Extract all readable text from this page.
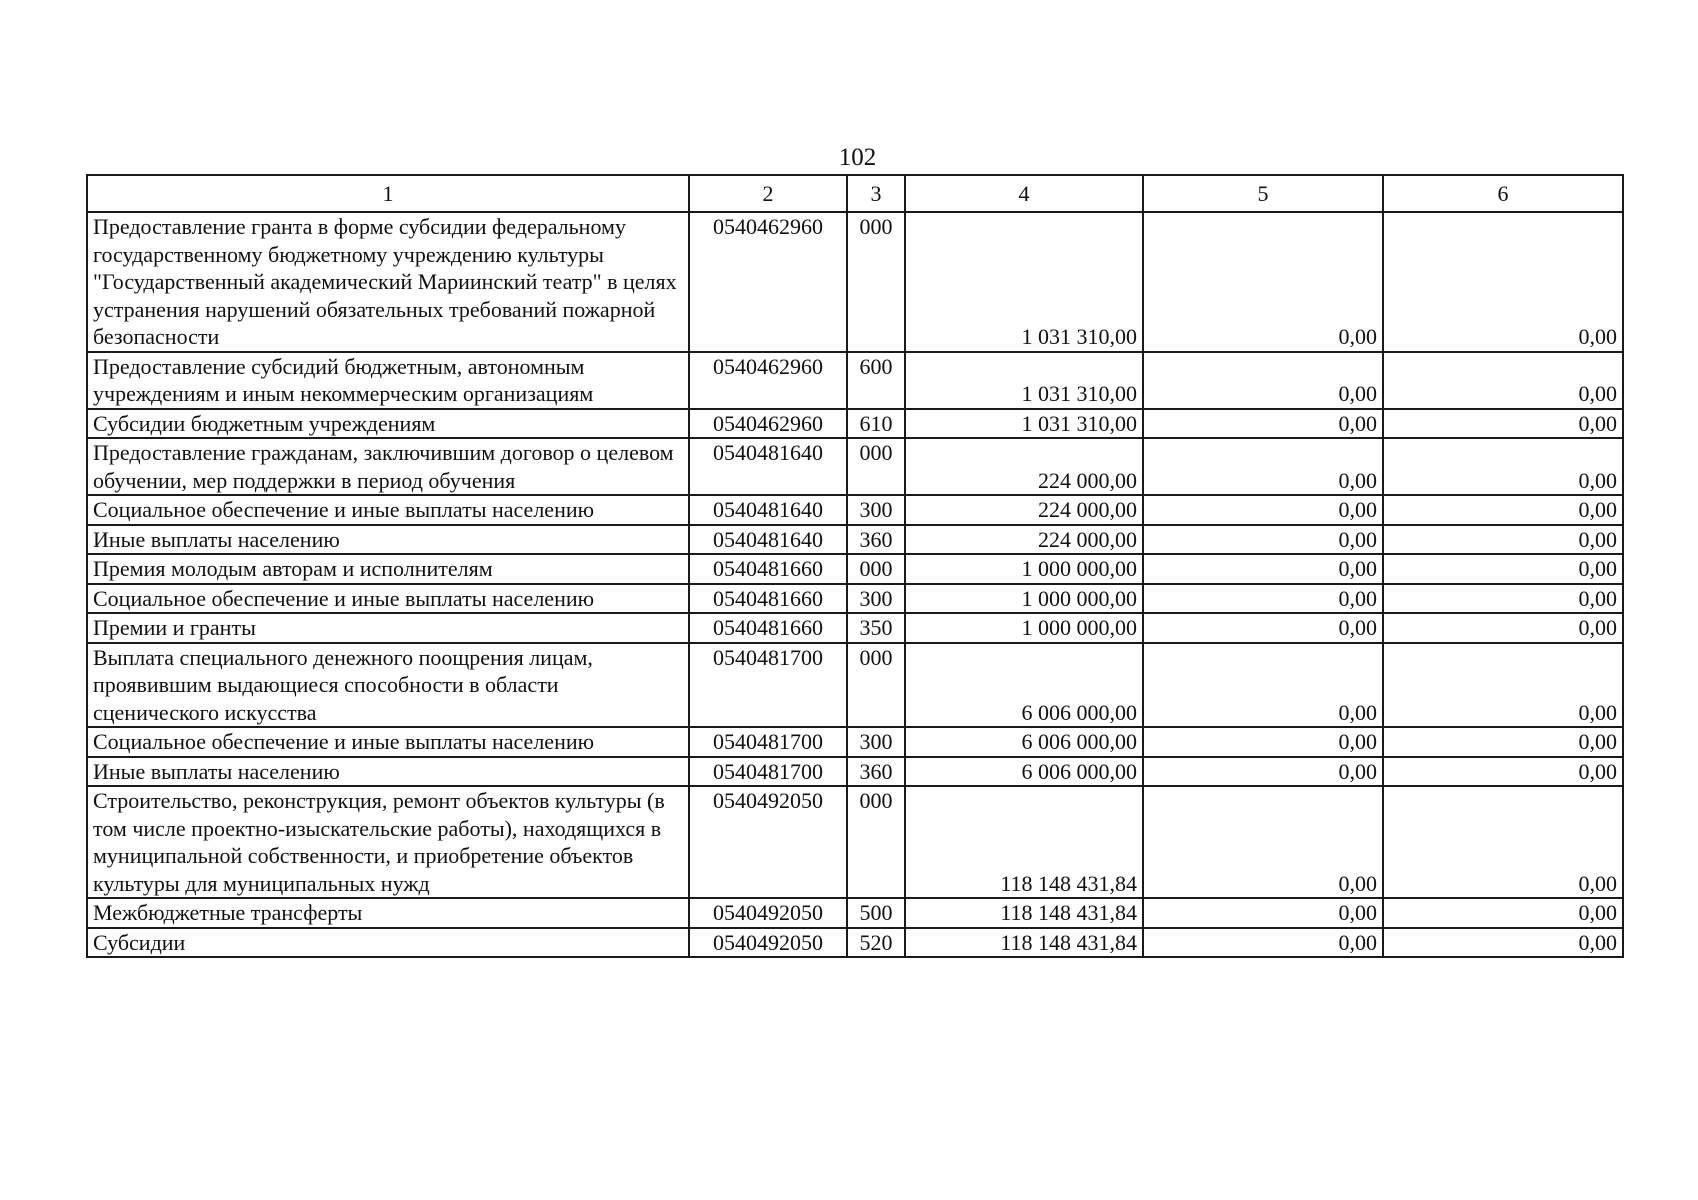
102
1	2	3	4	5	6
Предоставление гранта в форме субсидии федеральному государственному бюджетному учреждению культуры "Государственный академический Мариинский театр" в целях устранения нарушений обязательных требований пожарной безопасности	0540462960	000	1 031 310,00	0,00	0,00
Предоставление субсидий бюджетным, автономным учреждениям и иным некоммерческим организациям	0540462960	600	1 031 310,00	0,00	0,00
Субсидии бюджетным учреждениям	0540462960	610	1 031 310,00	0,00	0,00
Предоставление гражданам, заключившим договор о целевом обучении, мер поддержки в период обучения	0540481640	000	224 000,00	0,00	0,00
Социальное обеспечение и иные выплаты населению	0540481640	300	224 000,00	0,00	0,00
Иные выплаты населению	0540481640	360	224 000,00	0,00	0,00
Премия молодым авторам и исполнителям	0540481660	000	1 000 000,00	0,00	0,00
Социальное обеспечение и иные выплаты населению	0540481660	300	1 000 000,00	0,00	0,00
Премии и гранты	0540481660	350	1 000 000,00	0,00	0,00
Выплата специального денежного поощрения лицам, проявившим выдающиеся способности в области сценического искусства	0540481700	000	6 006 000,00	0,00	0,00
Социальное обеспечение и иные выплаты населению	0540481700	300	6 006 000,00	0,00	0,00
Иные выплаты населению	0540481700	360	6 006 000,00	0,00	0,00
Строительство, реконструкция, ремонт объектов культуры (в том числе проектно-изыскательские работы), находящихся в муниципальной собственности, и приобретение объектов культуры для муниципальных нужд	0540492050	000	118 148 431,84	0,00	0,00
Межбюджетные трансферты	0540492050	500	118 148 431,84	0,00	0,00
Субсидии	0540492050	520	118 148 431,84	0,00	0,00
